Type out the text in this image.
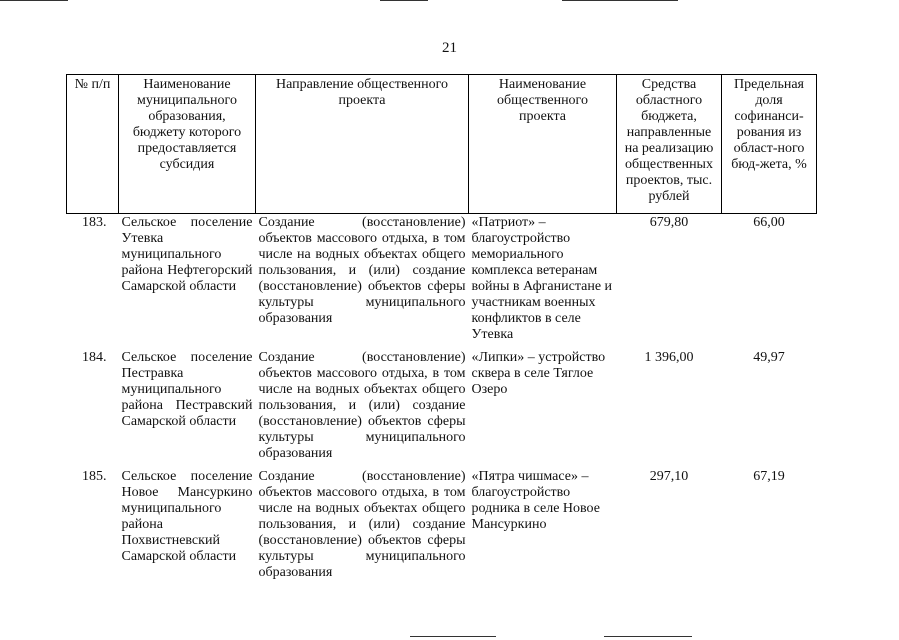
21
№ п/п	Наименование муниципального образования, бюджету которого предоставляется субсидия	Направление общественного проекта	Наименование общественного проекта	Средства областного бюджета, направленные на реализацию общественных проектов, тыс. рублей	Предельная доля софинанси-рования из област-ного бюд-жета, %
183.	Сельское поселение Утевка муниципального района Нефтегорский Самарской области	Создание (восстановление) объектов массового отдыха, в том числе на водных объектах общего пользования, и (или) создание (восстановление) объектов сферы культуры муниципального образования	«Патриот» – благоустройство мемориального комплекса ветеранам войны в Афганистане и участникам военных конфликтов в селе Утевка	679,80	66,00
184.	Сельское поселение Пестравка муниципального района Пестравский Самарской области	Создание (восстановление) объектов массового отдыха, в том числе на водных объектах общего пользования, и (или) создание (восстановление) объектов сферы культуры муниципального образования	«Липки» – устройство сквера в селе Тяглое Озеро	1 396,00	49,97
185.	Сельское поселение Новое Мансуркино муниципального района Похвистневский Самарской области	Создание (восстановление) объектов массового отдыха, в том числе на водных объектах общего пользования, и (или) создание (восстановление) объектов сферы культуры муниципального образования	«Пятра чишмасе» – благоустройство родника в селе Новое Мансуркино	297,10	67,19
